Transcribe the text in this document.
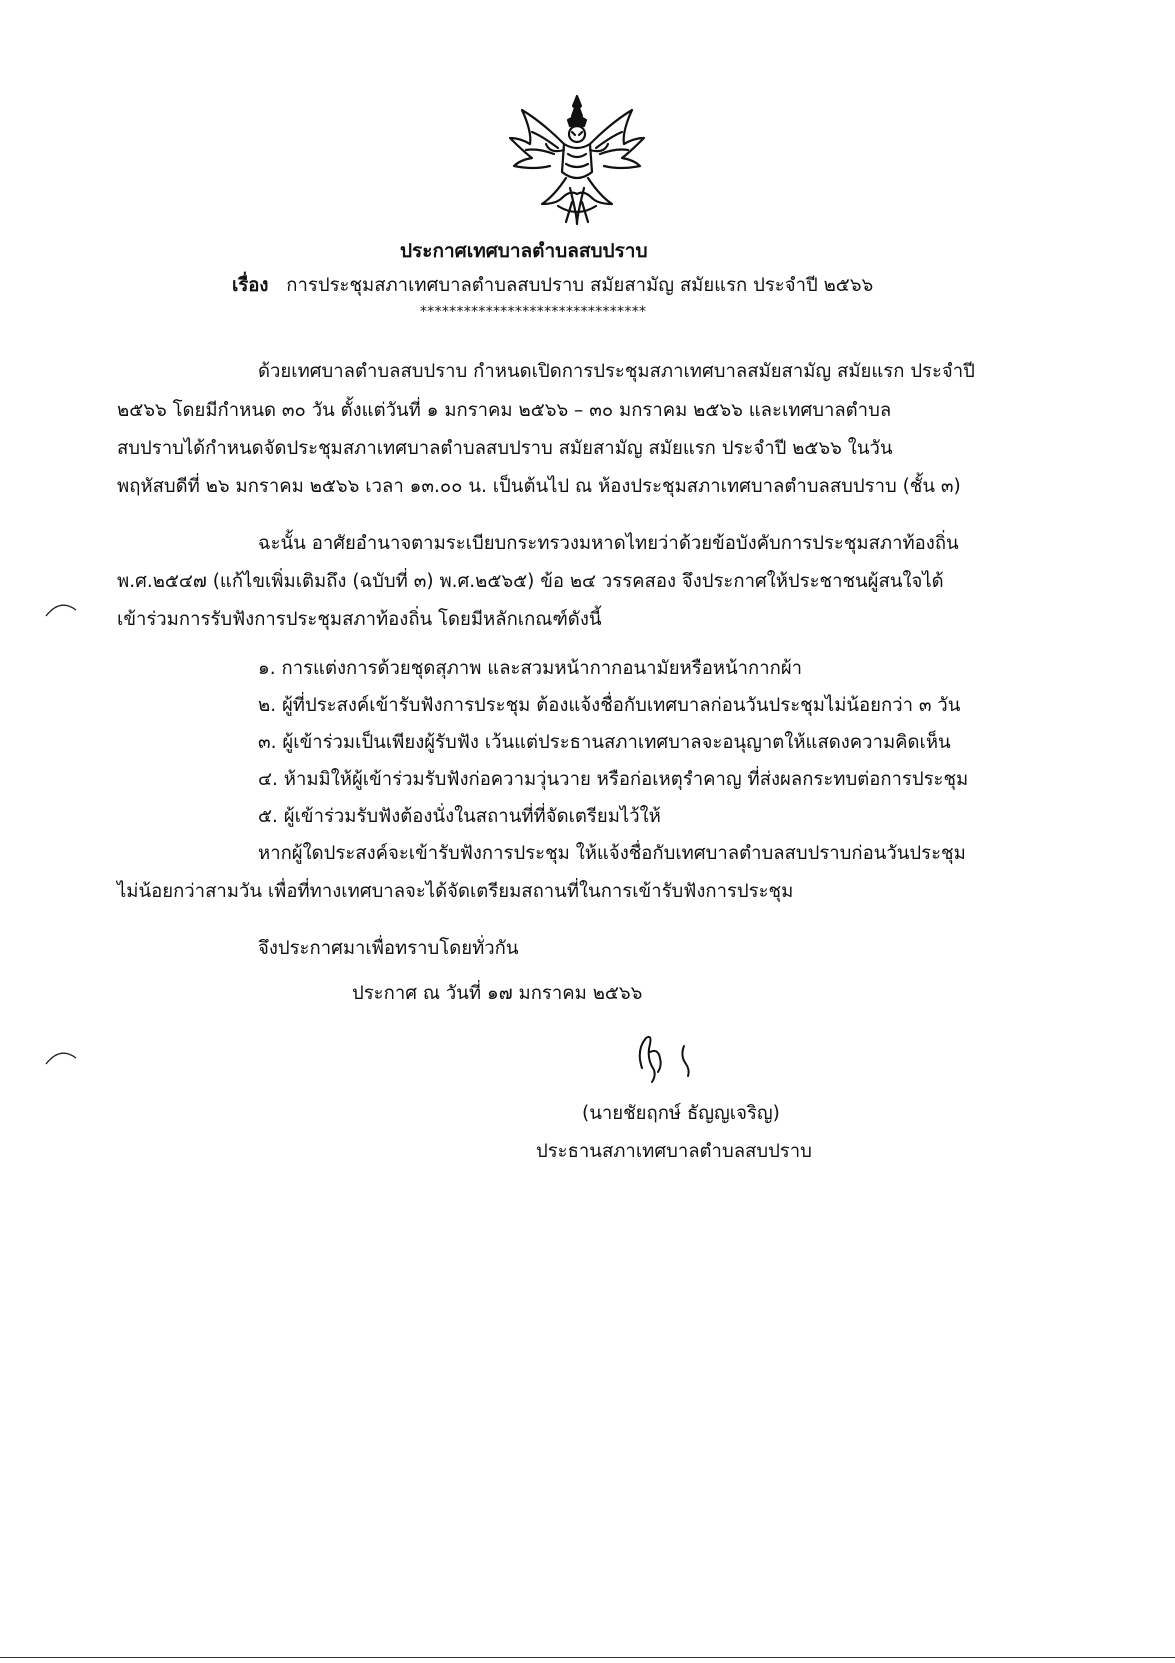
ประกาศเทศบาลตำบลสบปราบ

เรื่อง การประชุมสภาเทศบาลตำบลสบปราบ สมัยสามัญ สมัยแรก ประจำปี ๒๕๖๖

*******************************

ด้วยเทศบาลตำบลสบปราบ กำหนดเปิดการประชุมสภาเทศบาลสมัยสามัญ สมัยแรก ประจำปี

๒๕๖๖ โดยมีกำหนด ๓๐ วัน ตั้งแต่วันที่ ๑ มกราคม ๒๕๖๖ – ๓๐ มกราคม ๒๕๖๖ และเทศบาลตำบล

สบปราบได้กำหนดจัดประชุมสภาเทศบาลตำบลสบปราบ สมัยสามัญ สมัยแรก ประจำปี ๒๕๖๖ ในวัน

พฤหัสบดีที่ ๒๖ มกราคม ๒๕๖๖ เวลา ๑๓.๐๐ น. เป็นต้นไป ณ ห้องประชุมสภาเทศบาลตำบลสบปราบ (ชั้น ๓)

ฉะนั้น อาศัยอำนาจตามระเบียบกระทรวงมหาดไทยว่าด้วยข้อบังคับการประชุมสภาท้องถิ่น

พ.ศ.๒๕๔๗ (แก้ไขเพิ่มเติมถึง (ฉบับที่ ๓) พ.ศ.๒๕๖๕) ข้อ ๒๔ วรรคสอง จึงประกาศให้ประชาชนผู้สนใจได้

เข้าร่วมการรับฟังการประชุมสภาท้องถิ่น โดยมีหลักเกณฑ์ดังนี้

๑. การแต่งการด้วยชุดสุภาพ และสวมหน้ากากอนามัยหรือหน้ากากผ้า

๒. ผู้ที่ประสงค์เข้ารับฟังการประชุม ต้องแจ้งชื่อกับเทศบาลก่อนวันประชุมไม่น้อยกว่า ๓ วัน

๓. ผู้เข้าร่วมเป็นเพียงผู้รับฟัง เว้นแต่ประธานสภาเทศบาลจะอนุญาตให้แสดงความคิดเห็น

๔. ห้ามมิให้ผู้เข้าร่วมรับฟังก่อความวุ่นวาย หรือก่อเหตุรำคาญ ที่ส่งผลกระทบต่อการประชุม

๕. ผู้เข้าร่วมรับฟังต้องนั่งในสถานที่ที่จัดเตรียมไว้ให้

หากผู้ใดประสงค์จะเข้ารับฟังการประชุม ให้แจ้งชื่อกับเทศบาลตำบลสบปราบก่อนวันประชุม

ไม่น้อยกว่าสามวัน เพื่อที่ทางเทศบาลจะได้จัดเตรียมสถานที่ในการเข้ารับฟังการประชุม

จึงประกาศมาเพื่อทราบโดยทั่วกัน

ประกาศ ณ วันที่ ๑๗ มกราคม ๒๕๖๖

(นายชัยฤกษ์ ธัญญเจริญ)

ประธานสภาเทศบาลตำบลสบปราบ
